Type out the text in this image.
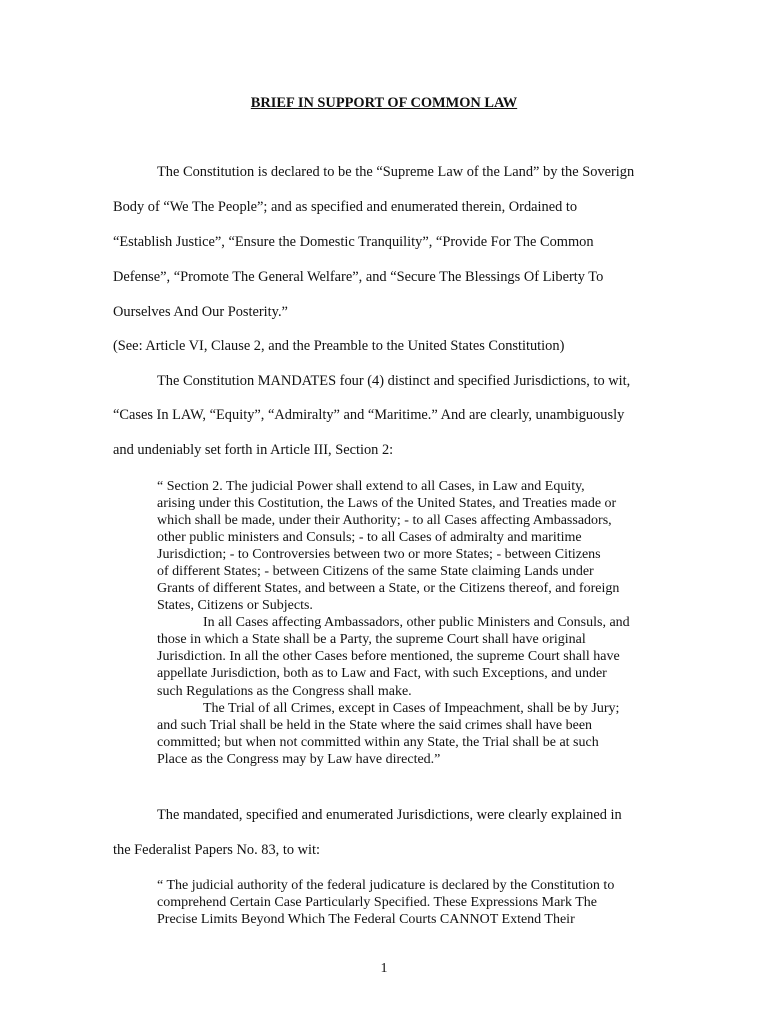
BRIEF IN SUPPORT OF COMMON LAW
The Constitution is declared to be the “Supreme Law of the Land” by the Soverign
Body of “We The People”; and as specified and enumerated therein, Ordained to
“Establish Justice”, “Ensure the Domestic Tranquility”, “Provide For The Common
Defense”, “Promote The General Welfare”, and “Secure The Blessings Of Liberty To
Ourselves And Our Posterity.”
(See: Article VI, Clause 2, and the Preamble to the United States Constitution)
The Constitution MANDATES four (4) distinct and specified Jurisdictions, to wit,
“Cases In LAW, “Equity”, “Admiralty” and “Maritime.” And are clearly, unambiguously
and undeniably set forth in Article III, Section 2:
“ Section 2. The judicial Power shall extend to all Cases, in Law and Equity,
arising under this Costitution, the Laws of the United States, and Treaties made or
which shall be made, under their Authority; - to all Cases affecting Ambassadors,
other public ministers and Consuls; - to all Cases of admiralty and maritime
Jurisdiction; - to Controversies between two or more States; - between Citizens
of different States; - between Citizens of the same State claiming Lands under
Grants of different States, and between a State, or the Citizens thereof, and foreign
States, Citizens or Subjects.
In all Cases affecting Ambassadors, other public Ministers and Consuls, and
those in which a State shall be a Party, the supreme Court shall have original
Jurisdiction. In all the other Cases before mentioned, the supreme Court shall have
appellate Jurisdiction, both as to Law and Fact, with such Exceptions, and under
such Regulations as the Congress shall make.
The Trial of all Crimes, except in Cases of Impeachment, shall be by Jury;
and such Trial shall be held in the State where the said crimes shall have been
committed; but when not committed within any State, the Trial shall be at such
Place as the Congress may by Law have directed.”
The mandated, specified and enumerated Jurisdictions, were clearly explained in
the Federalist Papers No. 83, to wit:
“ The judicial authority of the federal judicature is declared by the Constitution to
comprehend Certain Case Particularly Specified. These Expressions Mark The
Precise Limits Beyond Which The Federal Courts CANNOT Extend Their
1
